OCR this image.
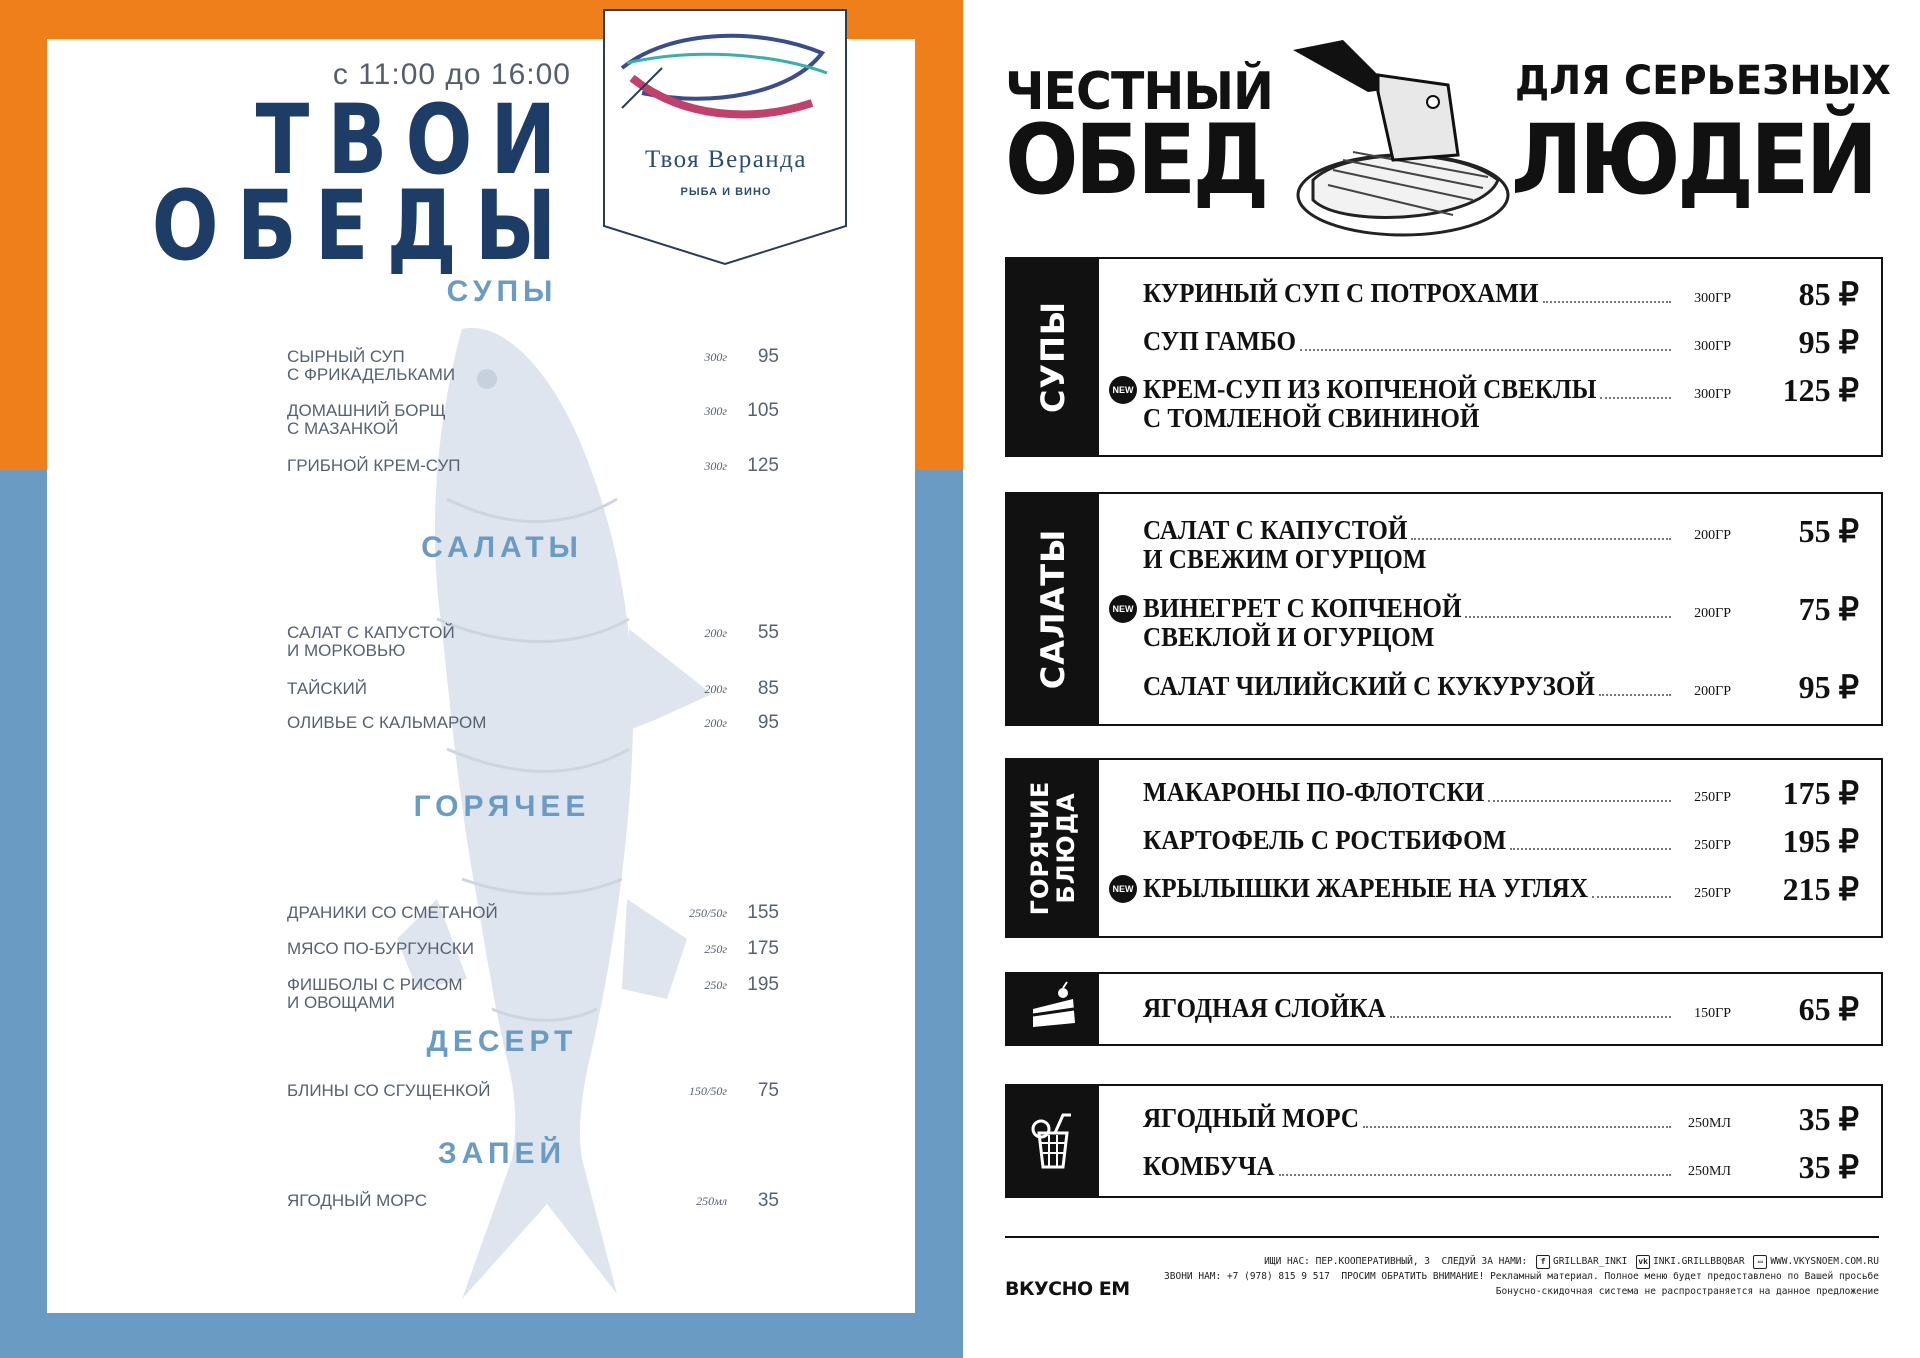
с 11:00 до 16:00
ТВОИ
ОБЕДЫ
СУПЫ
СЫРНЫЙ СУП
С ФРИКАДЕЛЬКАМИ
300г	95
ДОМАШНИЙ БОРЩ
С МАЗАНКОЙ
300г	105
ГРИБНОЙ КРЕМ-СУП	300г	125
САЛАТЫ
САЛАТ С КАПУСТОЙ
И МОРКОВЬЮ
200г	55
ТАЙСКИЙ	200г	85
ОЛИВЬЕ С КАЛЬМАРОМ	200г	95
ГОРЯЧЕЕ
ДРАНИКИ СО СМЕТАНОЙ	250/50г	155
МЯСО ПО-БУРГУНСКИ	250г	175
ФИШБОЛЫ С РИСОМ
И ОВОЩАМИ
250г	195
ДЕСЕРТ
БЛИНЫ СО СГУЩЕНКОЙ	150/50г	75
ЗАПЕЙ
ЯГОДНЫЙ МОРС	250мл	35
Твоя Веранда
РЫБА И ВИНО
ЧЕСТНЫЙ
ОБЕД
ДЛЯ СЕРЬЕЗНЫХ
ЛЮДЕЙ
СУПЫ
КУРИНЫЙ СУП С ПОТРОХАМИ	300ГР	85 ₽
СУП ГАМБО	300ГР	95 ₽
NEW КРЕМ-СУП ИЗ КОПЧЕНОЙ СВЕКЛЫ
С ТОМЛЕНОЙ СВИНИНОЙ
300ГР	125 ₽
САЛАТЫ	САЛАТ С КАПУСТОЙ
И СВЕЖИМ ОГУРЦОМ
200ГР	55 ₽
NEW ВИНЕГРЕТ С КОПЧЕНОЙ
СВЕКЛОЙ И ОГУРЦОМ
200ГР	75 ₽
САЛАТ ЧИЛИЙСКИЙ С КУКУРУЗОЙ	200ГР	95 ₽
ГОРЯЧИЕ
БЛЮДА
МАКАРОНЫ ПО-ФЛОТСКИ	250ГР	175 ₽
КАРТОФЕЛЬ С РОСТБИФОМ	250ГР	195 ₽
NEW КРЫЛЫШКИ ЖАРЕНЫЕ НА УГЛЯХ	250ГР	215 ₽
ЯГОДНАЯ СЛОЙКА	150ГР	65 ₽
ЯГОДНЫЙ МОРС	250МЛ	35 ₽
КОМБУЧА	250МЛ	35 ₽
ВКУСНО ЕМ
ИЩИ НАС: ПЕР.КООПЕРАТИВНЫЙ, 3 СЛЕДУЙ ЗА НАМИ: f GRILLBAR_INKI vk INKI.GRILLBBQBAR ▭ WWW.VKYSNOEM.COM.RU
ЗВОНИ НАМ: +7 (978) 815 9 517 ПРОСИМ ОБРАТИТЬ ВНИМАНИЕ! Рекламный материал. Полное меню будет предоставлено по Вашей просьбе
Бонусно-скидочная система не распространяется на данное предложение
